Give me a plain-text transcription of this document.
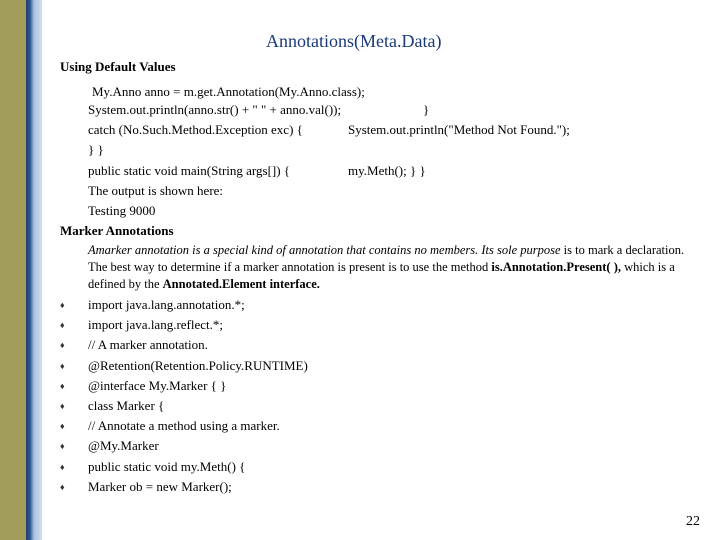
Annotations(Meta.Data)
Using Default Values
My.Anno anno = m.get.Annotation(My.Anno.class);
System.out.println(anno.str() + " " + anno.val());	}
catch (No.Such.Method.Exception exc) {	System.out.println("Method Not Found.");
} }
public static void main(String args[]) {	my.Meth(); } }
The output is shown here:
Testing 9000
Marker Annotations
Amarker annotation is a special kind of annotation that contains no members. Its sole purpose is to mark a declaration. The best way to determine if a marker annotation is present is to use the method is.Annotation.Present( ), which is a defined by the Annotated.Element interface.
♦	import java.lang.annotation.*;
♦	import java.lang.reflect.*;
♦	// A marker annotation.
♦	@Retention(Retention.Policy.RUNTIME)
♦	@interface My.Marker { }
♦	class Marker {
♦	// Annotate a method using a marker.
♦	@My.Marker
♦	public static void my.Meth() {
♦	Marker ob = new Marker();
22
